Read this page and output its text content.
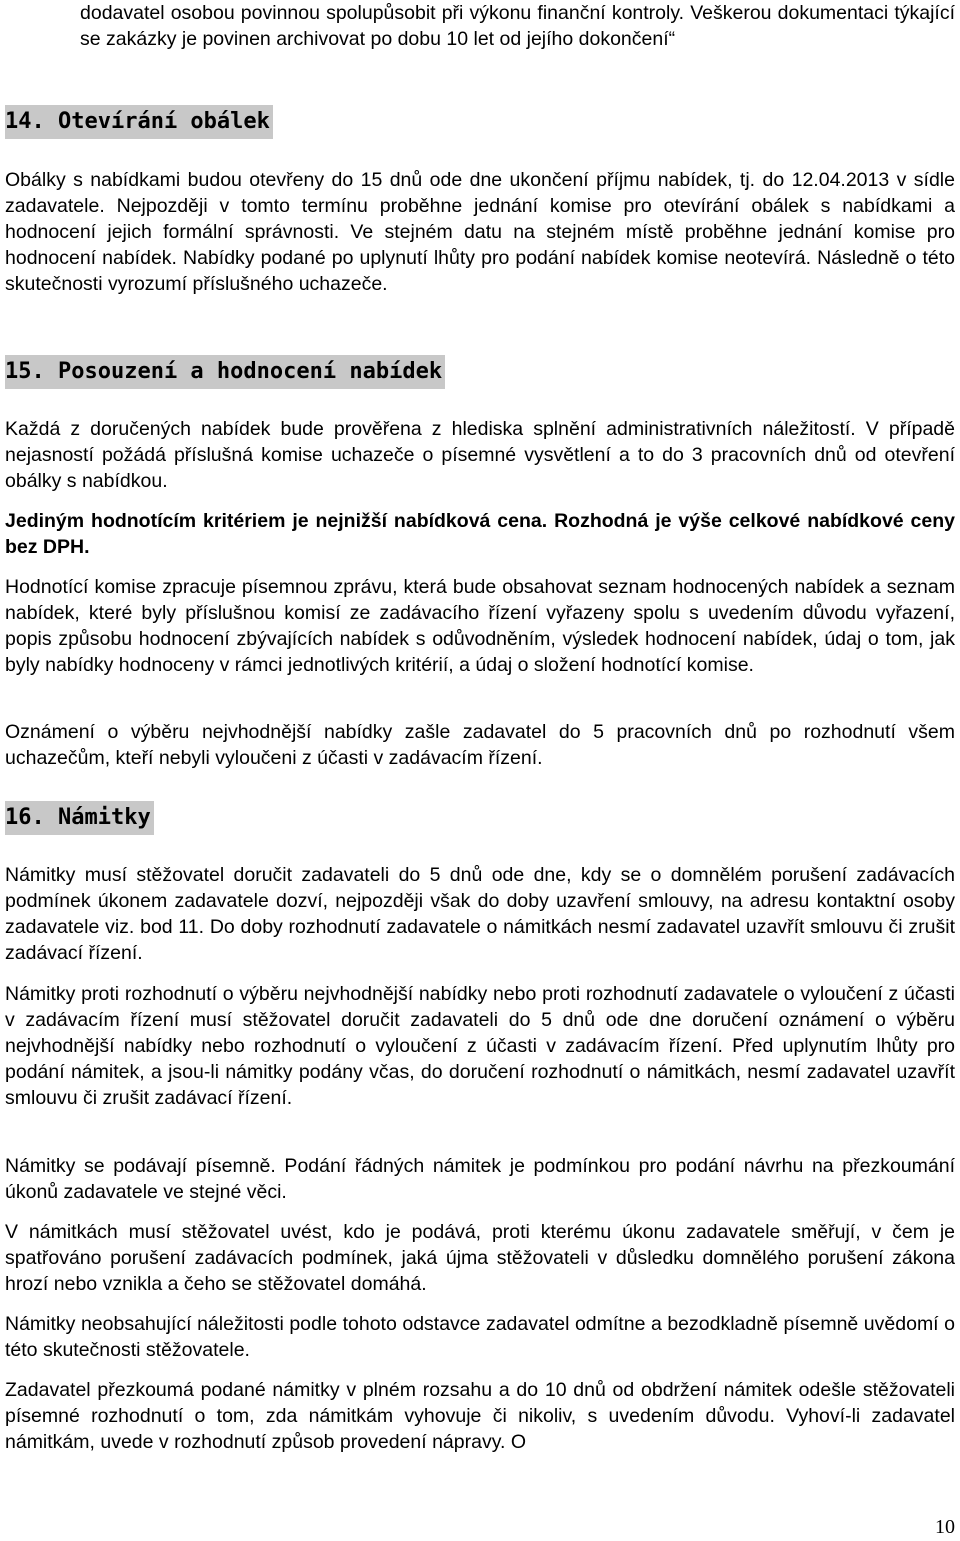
dodavatel osobou povinnou spolupůsobit při výkonu finanční kontroly. Veškerou dokumentaci týkající se zakázky je povinen archivovat po dobu 10 let od jejího dokončení“

14. Otevírání obálek

Obálky s nabídkami budou otevřeny do 15 dnů ode dne ukončení příjmu nabídek, tj. do 12.04.2013 v sídle zadavatele. Nejpozději v tomto termínu proběhne jednání komise pro otevírání obálek s nabídkami a hodnocení jejich formální správnosti. Ve stejném datu na stejném místě proběhne jednání komise pro hodnocení nabídek. Nabídky podané po uplynutí lhůty pro podání nabídek komise neotevírá. Následně o této skutečnosti vyrozumí příslušného uchazeče.

15. Posouzení a hodnocení nabídek

Každá z doručených nabídek bude prověřena z hlediska splnění administrativních náležitostí. V případě nejasností požádá příslušná komise uchazeče o písemné vysvětlení a to do 3 pracovních dnů od otevření obálky s nabídkou.

Jediným hodnotícím kritériem je nejnižší nabídková cena. Rozhodná je výše celkové nabídkové ceny bez DPH.

Hodnotící komise zpracuje písemnou zprávu, která bude obsahovat seznam hodnocených nabídek a seznam nabídek, které byly příslušnou komisí ze zadávacího řízení vyřazeny spolu s uvedením důvodu vyřazení, popis způsobu hodnocení zbývajících nabídek s odůvodněním, výsledek hodnocení nabídek, údaj o tom, jak byly nabídky hodnoceny v rámci jednotlivých kritérií, a údaj o složení hodnotící komise.

Oznámení o výběru nejvhodnější nabídky zašle zadavatel do 5 pracovních dnů po rozhodnutí všem uchazečům, kteří nebyli vyloučeni z účasti v zadávacím řízení.

16. Námitky

Námitky musí stěžovatel doručit zadavateli do 5 dnů ode dne, kdy se o domnělém porušení zadávacích podmínek úkonem zadavatele dozví, nejpozději však do doby uzavření smlouvy, na adresu kontaktní osoby zadavatele viz. bod 11. Do doby rozhodnutí zadavatele o námitkách nesmí zadavatel uzavřít smlouvu či zrušit zadávací řízení.

Námitky proti rozhodnutí o výběru nejvhodnější nabídky nebo proti rozhodnutí zadavatele o vyloučení z účasti v zadávacím řízení musí stěžovatel doručit zadavateli do 5 dnů ode dne doručení oznámení o výběru nejvhodnější nabídky nebo rozhodnutí o vyloučení z účasti v zadávacím řízení. Před uplynutím lhůty pro podání námitek, a jsou-li námitky podány včas, do doručení rozhodnutí o námitkách, nesmí zadavatel uzavřít smlouvu či zrušit zadávací řízení.

Námitky se podávají písemně. Podání řádných námitek je podmínkou pro podání návrhu na přezkoumání úkonů zadavatele ve stejné věci.

V námitkách musí stěžovatel uvést, kdo je podává, proti kterému úkonu zadavatele směřují, v čem je spatřováno porušení zadávacích podmínek, jaká újma stěžovateli v důsledku domnělého porušení zákona hrozí nebo vznikla a čeho se stěžovatel domáhá.

Námitky neobsahující náležitosti podle tohoto odstavce zadavatel odmítne a bezodkladně písemně uvědomí o této skutečnosti stěžovatele.

Zadavatel přezkoumá podané námitky v plném rozsahu a do 10 dnů od obdržení námitek odešle stěžovateli písemné rozhodnutí o tom, zda námitkám vyhovuje či nikoliv, s uvedením důvodu. Vyhoví-li zadavatel námitkám, uvede v rozhodnutí způsob provedení nápravy. O

10
